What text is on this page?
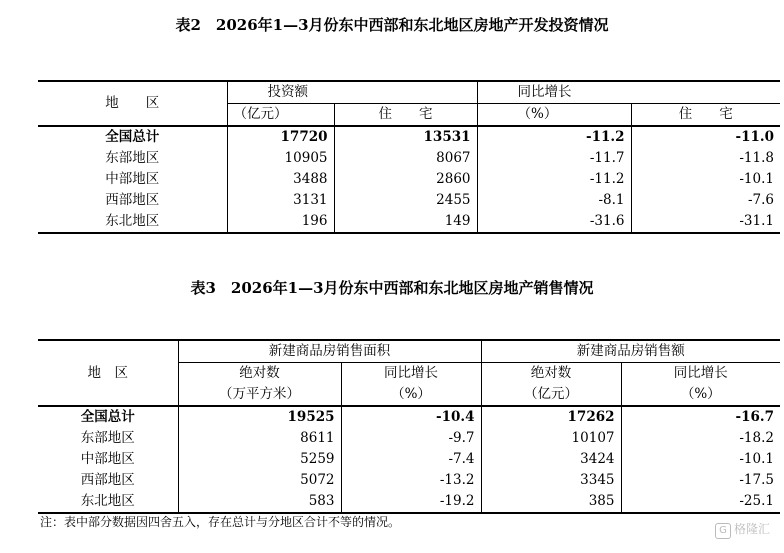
表2　2026年1—3月份东中西部和东北地区房地产开发投资情况
地　　区	投资额		同比增长	
	（亿元）	住　　宅	（%）	住　　宅
全国总计	17720	13531	-11.2	-11.0
东部地区	10905	8067	-11.7	-11.8
中部地区	3488	2860	-11.2	-10.1
西部地区	3131	2455	-8.1	-7.6
东北地区	196	149	-31.6	-31.1
表3　2026年1—3月份东中西部和东北地区房地产销售情况
地　区	新建商品房销售面积		新建商品房销售额	
	绝对数	同比增长	绝对数	同比增长
	（万平方米）	（%）	（亿元）	（%）
全国总计	19525	-10.4	17262	-16.7
东部地区	8611	-9.7	10107	-18.2
中部地区	5259	-7.4	3424	-10.1
西部地区	5072	-13.2	3345	-17.5
东北地区	583	-19.2	385	-25.1
注：表中部分数据因四舍五入，存在总计与分地区合计不等的情况。
G 格隆汇
